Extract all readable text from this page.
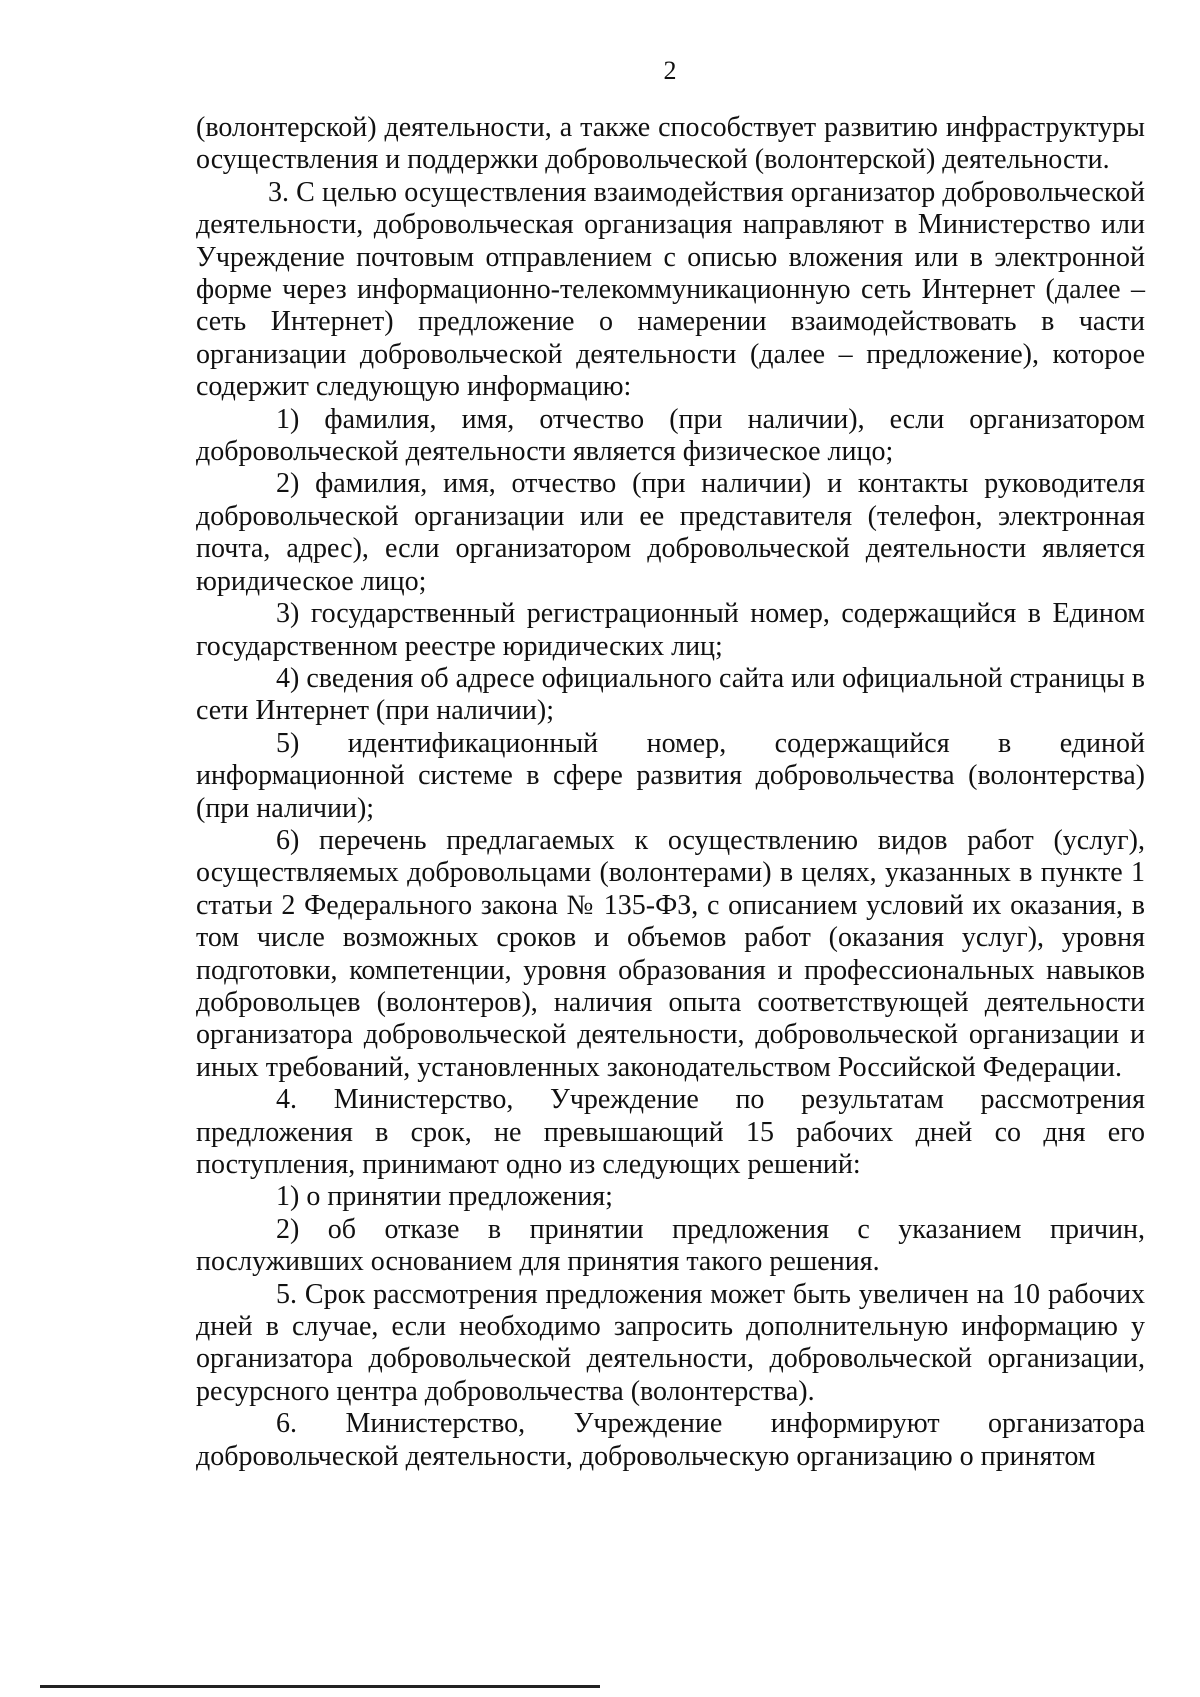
2

(волонтерской) деятельности, а также способствует развитию инфраструктуры осуществления и поддержки добровольческой (волонтерской) деятельности.

3. С целью осуществления взаимодействия организатор добровольческой деятельности, добровольческая организация направляют в Министерство или Учреждение почтовым отправлением с описью вложения или в электронной форме через информационно-телекоммуникационную сеть Интернет (далее – сеть Интернет) предложение о намерении взаимодействовать в части организации добровольческой деятельности (далее – предложение), которое содержит следующую информацию:

1) фамилия, имя, отчество (при наличии), если организатором добровольческой деятельности является физическое лицо;

2) фамилия, имя, отчество (при наличии) и контакты руководителя добровольческой организации или ее представителя (телефон, электронная почта, адрес), если организатором добровольческой деятельности является юридическое лицо;

3) государственный регистрационный номер, содержащийся в Едином государственном реестре юридических лиц;

4) сведения об адресе официального сайта или официальной страницы в сети Интернет (при наличии);

5) идентификационный номер, содержащийся в единой информационной системе в сфере развития добровольчества (волонтерства) (при наличии);

6) перечень предлагаемых к осуществлению видов работ (услуг), осуществляемых добровольцами (волонтерами) в целях, указанных в пункте 1 статьи 2 Федерального закона № 135-ФЗ, с описанием условий их оказания, в том числе возможных сроков и объемов работ (оказания услуг), уровня подготовки, компетенции, уровня образования и профессиональных навыков добровольцев (волонтеров), наличия опыта соответствующей деятельности организатора добровольческой деятельности, добровольческой организации и иных требований, установленных законодательством Российской Федерации.

4. Министерство, Учреждение по результатам рассмотрения предложения в срок, не превышающий 15 рабочих дней со дня его поступления, принимают одно из следующих решений:

1) о принятии предложения;

2) об отказе в принятии предложения с указанием причин, послуживших основанием для принятия такого решения.

5. Срок рассмотрения предложения может быть увеличен на 10 рабочих дней в случае, если необходимо запросить дополнительную информацию у организатора добровольческой деятельности, добровольческой организации, ресурсного центра добровольчества (волонтерства).

6. Министерство, Учреждение информируют организатора добровольческой деятельности, добровольческую организацию о принятом
